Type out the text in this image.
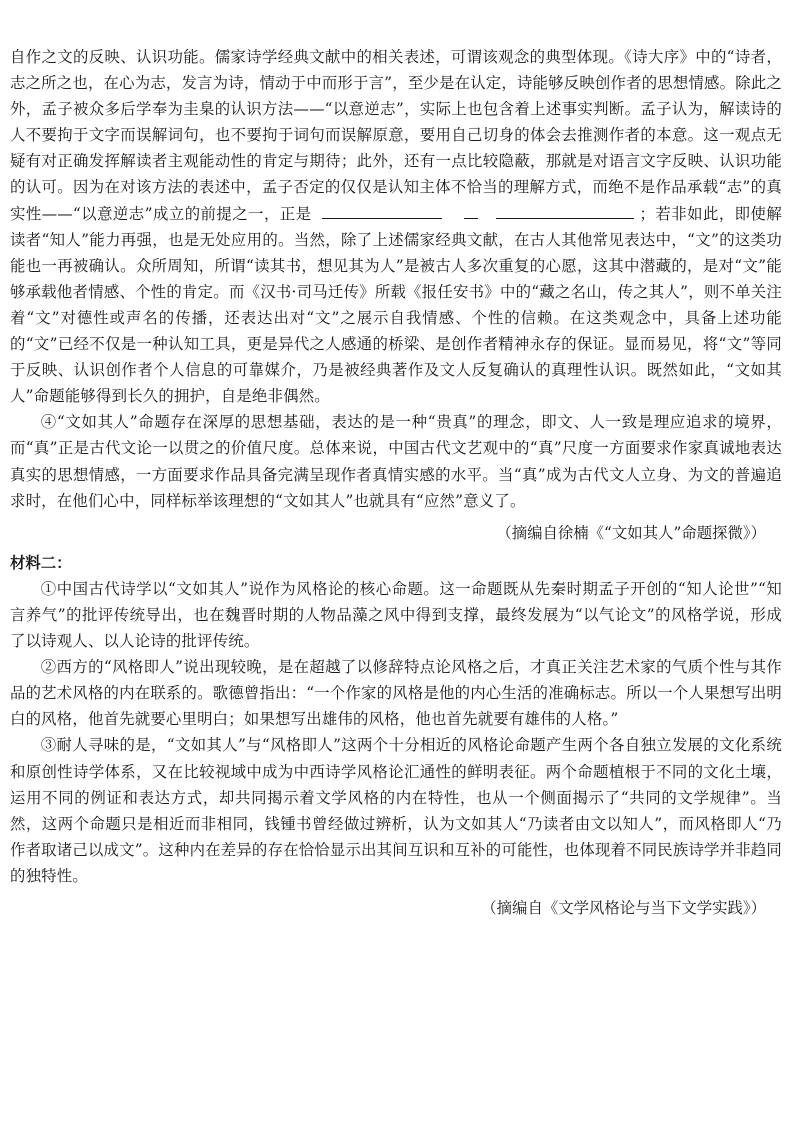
自作之文的反映、认识功能。儒家诗学经典文献中的相关表述，可谓该观念的典型体现。《诗大序》中的“诗者，志之所之也，在心为志，发言为诗，情动于中而形于言”，至少是在认定，诗能够反映创作者的思想情感。除此之外，孟子被众多后学奉为圭臬的认识方法——“以意逆志”，实际上也包含着上述事实判断。孟子认为，解读诗的人不要拘于文字而误解词句，也不要拘于词句而误解原意，要用自己切身的体会去推测作者的本意。这一观点无疑有对正确发挥解读者主观能动性的肯定与期待；此外，还有一点比较隐蔽，那就是对语言文字反映、认识功能的认可。因为在对该方法的表述中，孟子否定的仅仅是认知主体不恰当的理解方式，而绝不是作品承载“志”的真实性——“以意逆志”成立的前提之一，正是	；若非如此，即使解读者“知人”能力再强，也是无处应用的。当然，除了上述儒家经典文献，在古人其他常见表达中，“文”的这类功能也一再被确认。众所周知，所谓“读其书，想见其为人”是被古人多次重复的心愿，这其中潜藏的，是对“文”能够承载他者情感、个性的肯定。而《汉书·司马迁传》所载《报任安书》中的“藏之名山，传之其人”，则不单关注着“文”对德性或声名的传播，还表达出对“文”之展示自我情感、个性的信赖。在这类观念中，具备上述功能的“文”已经不仅是一种认知工具，更是异代之人感通的桥梁、是创作者精神永存的保证。显而易见，将“文”等同于反映、认识创作者个人信息的可靠媒介，乃是被经典著作及文人反复确认的真理性认识。既然如此，“文如其人”命题能够得到长久的拥护，自是绝非偶然。

④“文如其人”命题存在深厚的思想基础，表达的是一种“贵真”的理念，即文、人一致是理应追求的境界，而“真”正是古代文论一以贯之的价值尺度。总体来说，中国古代文艺观中的“真”尺度一方面要求作家真诚地表达真实的思想情感，一方面要求作品具备完满呈现作者真情实感的水平。当“真”成为古代文人立身、为文的普遍追求时，在他们心中，同样标举该理想的“文如其人”也就具有“应然”意义了。

（摘编自徐楠《“文如其人”命题探微》）
材料二：

①中国古代诗学以“文如其人”说作为风格论的核心命题。这一命题既从先秦时期孟子开创的“知人论世”“知言养气”的批评传统导出，也在魏晋时期的人物品藻之风中得到支撑，最终发展为“以气论文”的风格学说，形成了以诗观人、以人论诗的批评传统。

②西方的“风格即人”说出现较晚，是在超越了以修辞特点论风格之后，才真正关注艺术家的气质个性与其作品的艺术风格的内在联系的。歌德曾指出：“一个作家的风格是他的内心生活的准确标志。所以一个人果想写出明白的风格，他首先就要心里明白；如果想写出雄伟的风格，他也首先就要有雄伟的人格。”

③耐人寻味的是，“文如其人”与“风格即人”这两个十分相近的风格论命题产生两个各自独立发展的文化系统和原创性诗学体系，又在比较视域中成为中西诗学风格论汇通性的鲜明表征。两个命题植根于不同的文化土壤，运用不同的例证和表达方式，却共同揭示着文学风格的内在特性，也从一个侧面揭示了“共同的文学规律”。当然，这两个命题只是相近而非相同，钱锺书曾经做过辨析，认为文如其人“乃读者由文以知人”，而风格即人“乃作者取诸己以成文”。这种内在差异的存在恰恰显示出其间互识和互补的可能性，也体现着不同民族诗学并非趋同的独特性。

（摘编自《文学风格论与当下文学实践》）
